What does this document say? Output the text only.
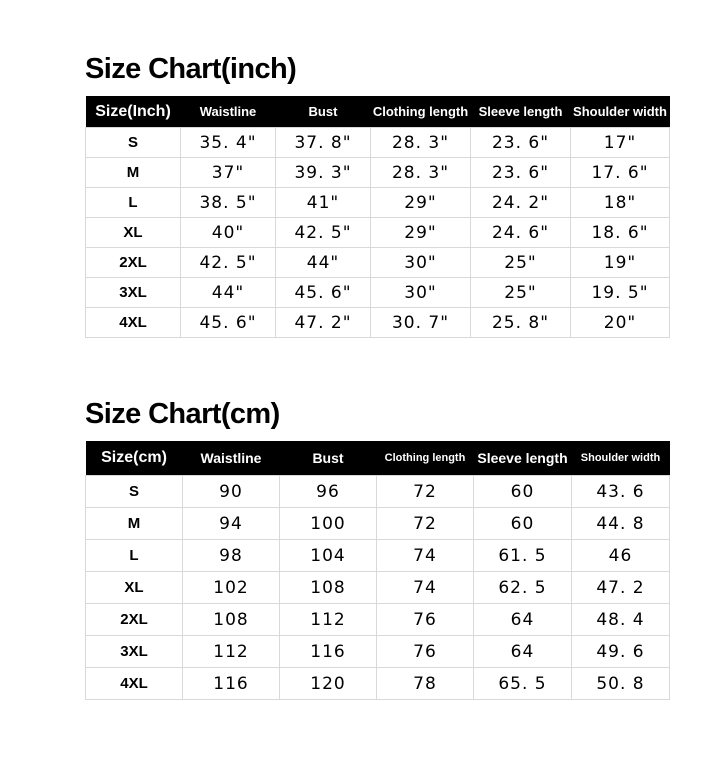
Size Chart(inch)
Size(Inch)	Waistline	Bust	Clothing length	Sleeve length	Shoulder width
S	35. 4"	37. 8"	28. 3"	23. 6"	17"
M	37"	39. 3"	28. 3"	23. 6"	17. 6"
L	38. 5"	41"	29"	24. 2"	18"
XL	40"	42. 5"	29"	24. 6"	18. 6"
2XL	42. 5"	44"	30"	25"	19"
3XL	44"	45. 6"	30"	25"	19. 5"
4XL	45. 6"	47. 2"	30. 7"	25. 8"	20"
Size Chart(cm)
Size(cm)	Waistline	Bust	Clothing length	Sleeve length	Shoulder width
S	90	96	72	60	43. 6
M	94	100	72	60	44. 8
L	98	104	74	61. 5	46
XL	102	108	74	62. 5	47. 2
2XL	108	112	76	64	48. 4
3XL	112	116	76	64	49. 6
4XL	116	120	78	65. 5	50. 8
